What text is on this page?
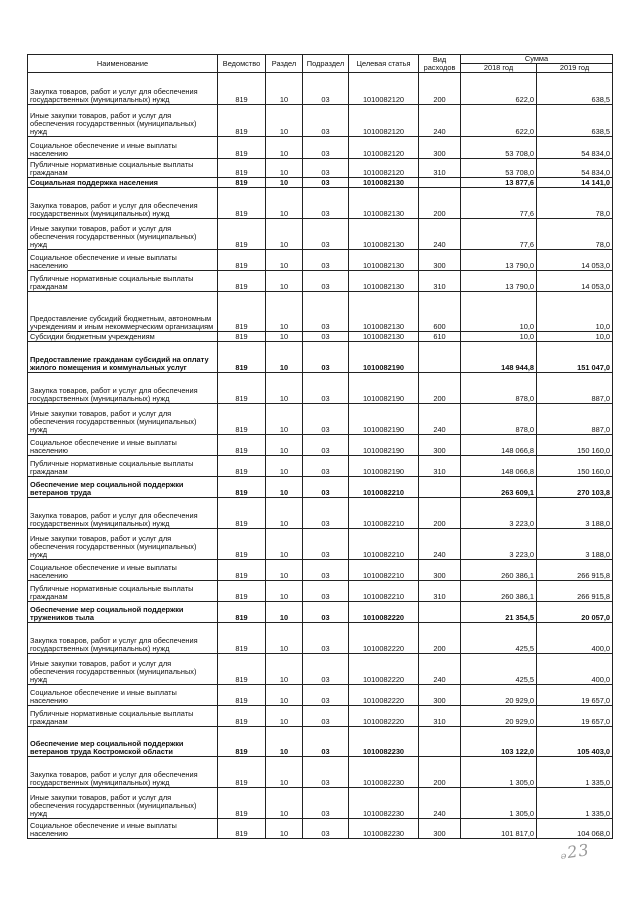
Наименование	Ведомство	Раздел	Подраздел	Целевая статья	Вид расходов	Сумма	
						2018 год	2019 год
Закупка товаров, работ и услуг для обеспечения государственных (муниципальных) нужд	819	10	03	1010082120	200	622,0	638,5
Иные закупки товаров, работ и услуг для обеспечения государственных (муниципальных) нужд	819	10	03	1010082120	240	622,0	638,5
Социальное обеспечение и иные выплаты населению	819	10	03	1010082120	300	53 708,0	54 834,0
Публичные нормативные социальные выплаты гражданам	819	10	03	1010082120	310	53 708,0	54 834,0
Социальная поддержка населения	819	10	03	1010082130		13 877,6	14 141,0
Закупка товаров, работ и услуг для обеспечения государственных (муниципальных) нужд	819	10	03	1010082130	200	77,6	78,0
Иные закупки товаров, работ и услуг для обеспечения государственных (муниципальных) нужд	819	10	03	1010082130	240	77,6	78,0
Социальное обеспечение и иные выплаты населению	819	10	03	1010082130	300	13 790,0	14 053,0
Публичные нормативные социальные выплаты гражданам	819	10	03	1010082130	310	13 790,0	14 053,0
Предоставление субсидий бюджетным, автономным учреждениям и иным некоммерческим организациям	819	10	03	1010082130	600	10,0	10,0
Субсидии бюджетным учреждениям	819	10	03	1010082130	610	10,0	10,0
Предоставление гражданам субсидий на оплату жилого помещения и коммунальных услуг	819	10	03	1010082190		148 944,8	151 047,0
Закупка товаров, работ и услуг для обеспечения государственных (муниципальных) нужд	819	10	03	1010082190	200	878,0	887,0
Иные закупки товаров, работ и услуг для обеспечения государственных (муниципальных) нужд	819	10	03	1010082190	240	878,0	887,0
Социальное обеспечение и иные выплаты населению	819	10	03	1010082190	300	148 066,8	150 160,0
Публичные нормативные социальные выплаты гражданам	819	10	03	1010082190	310	148 066,8	150 160,0
Обеспечение мер социальной поддержки ветеранов труда	819	10	03	1010082210		263 609,1	270 103,8
Закупка товаров, работ и услуг для обеспечения государственных (муниципальных) нужд	819	10	03	1010082210	200	3 223,0	3 188,0
Иные закупки товаров, работ и услуг для обеспечения государственных (муниципальных) нужд	819	10	03	1010082210	240	3 223,0	3 188,0
Социальное обеспечение и иные выплаты населению	819	10	03	1010082210	300	260 386,1	266 915,8
Публичные нормативные социальные выплаты гражданам	819	10	03	1010082210	310	260 386,1	266 915,8
Обеспечение мер социальной поддержки тружеников тыла	819	10	03	1010082220		21 354,5	20 057,0
Закупка товаров, работ и услуг для обеспечения государственных (муниципальных) нужд	819	10	03	1010082220	200	425,5	400,0
Иные закупки товаров, работ и услуг для обеспечения государственных (муниципальных) нужд	819	10	03	1010082220	240	425,5	400,0
Социальное обеспечение и иные выплаты населению	819	10	03	1010082220	300	20 929,0	19 657,0
Публичные нормативные социальные выплаты гражданам	819	10	03	1010082220	310	20 929,0	19 657,0
Обеспечение мер социальной поддержки ветеранов труда Костромской области	819	10	03	1010082230		103 122,0	105 403,0
Закупка товаров, работ и услуг для обеспечения государственных (муниципальных) нужд	819	10	03	1010082230	200	1 305,0	1 335,0
Иные закупки товаров, работ и услуг для обеспечения государственных (муниципальных) нужд	819	10	03	1010082230	240	1 305,0	1 335,0
Социальное обеспечение и иные выплаты населению	819	10	03	1010082230	300	101 817,0	104 068,0
ₔ23
